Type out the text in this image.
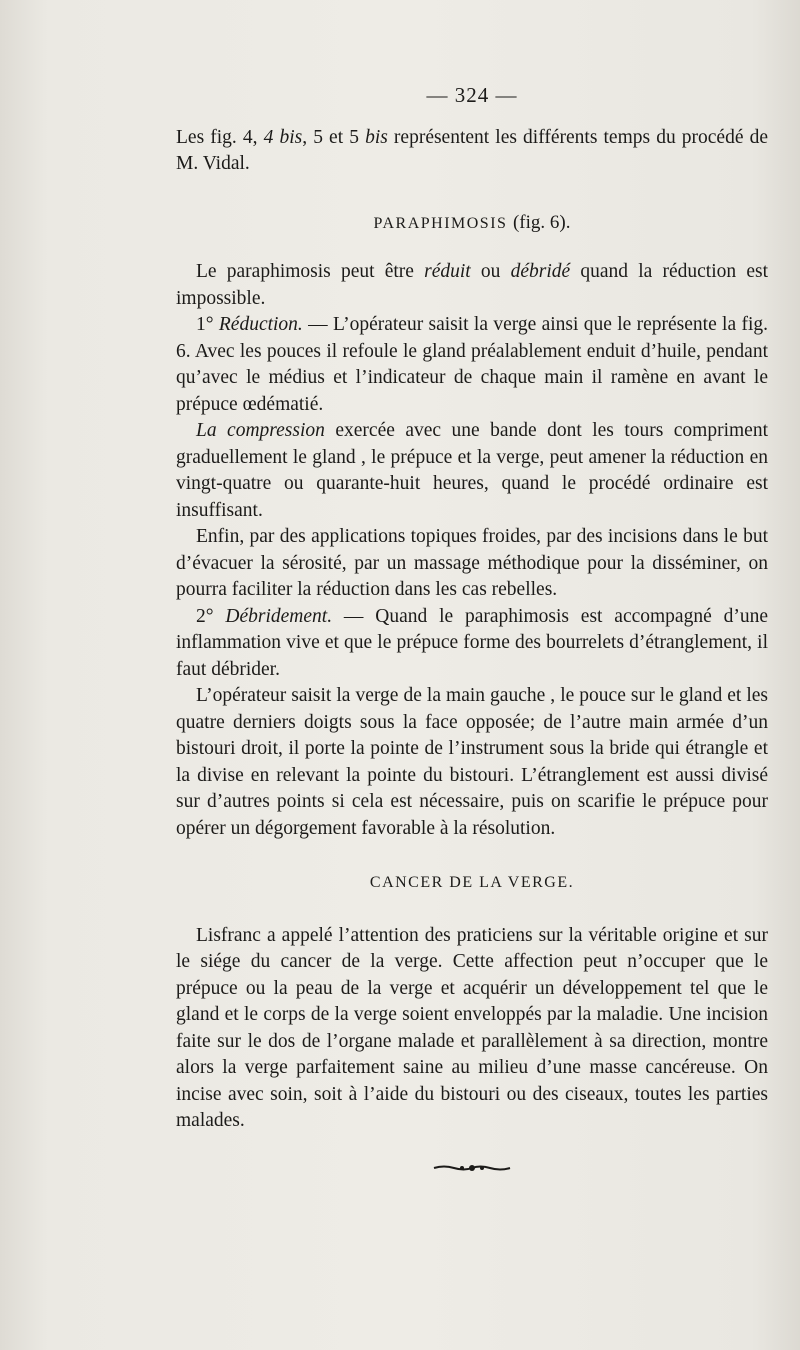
— 324 —

Les fig. 4, 4 bis, 5 et 5 bis représentent les différents temps du procédé de M. Vidal.

PARAPHIMOSIS (fig. 6).

Le paraphimosis peut être réduit ou débridé quand la réduction est impossible.

1° Réduction. — L’opérateur saisit la verge ainsi que le représente la fig. 6. Avec les pouces il refoule le gland préalablement enduit d’huile, pendant qu’avec le médius et l’indicateur de chaque main il ramène en avant le prépuce œdématié.

La compression exercée avec une bande dont les tours compriment graduellement le gland , le prépuce et la verge, peut amener la réduction en vingt-quatre ou quarante-huit heures, quand le procédé ordinaire est insuffisant.

Enfin, par des applications topiques froides, par des incisions dans le but d’évacuer la sérosité, par un massage méthodique pour la disséminer, on pourra faciliter la réduction dans les cas rebelles.

2° Débridement. — Quand le paraphimosis est accompagné d’une inflammation vive et que le prépuce forme des bourrelets d’étranglement, il faut débrider.

L’opérateur saisit la verge de la main gauche , le pouce sur le gland et les quatre derniers doigts sous la face opposée; de l’autre main armée d’un bistouri droit, il porte la pointe de l’instrument sous la bride qui étrangle et la divise en relevant la pointe du bistouri. L’étranglement est aussi divisé sur d’autres points si cela est nécessaire, puis on scarifie le prépuce pour opérer un dégorgement favorable à la résolution.

CANCER DE LA VERGE.

Lisfranc a appelé l’attention des praticiens sur la véritable origine et sur le siége du cancer de la verge. Cette affection peut n’occuper que le prépuce ou la peau de la verge et acquérir un développement tel que le gland et le corps de la verge soient enveloppés par la maladie. Une incision faite sur le dos de l’organe malade et parallèlement à sa direction, montre alors la verge parfaitement saine au milieu d’une masse cancéreuse. On incise avec soin, soit à l’aide du bistouri ou des ciseaux, toutes les parties malades.
